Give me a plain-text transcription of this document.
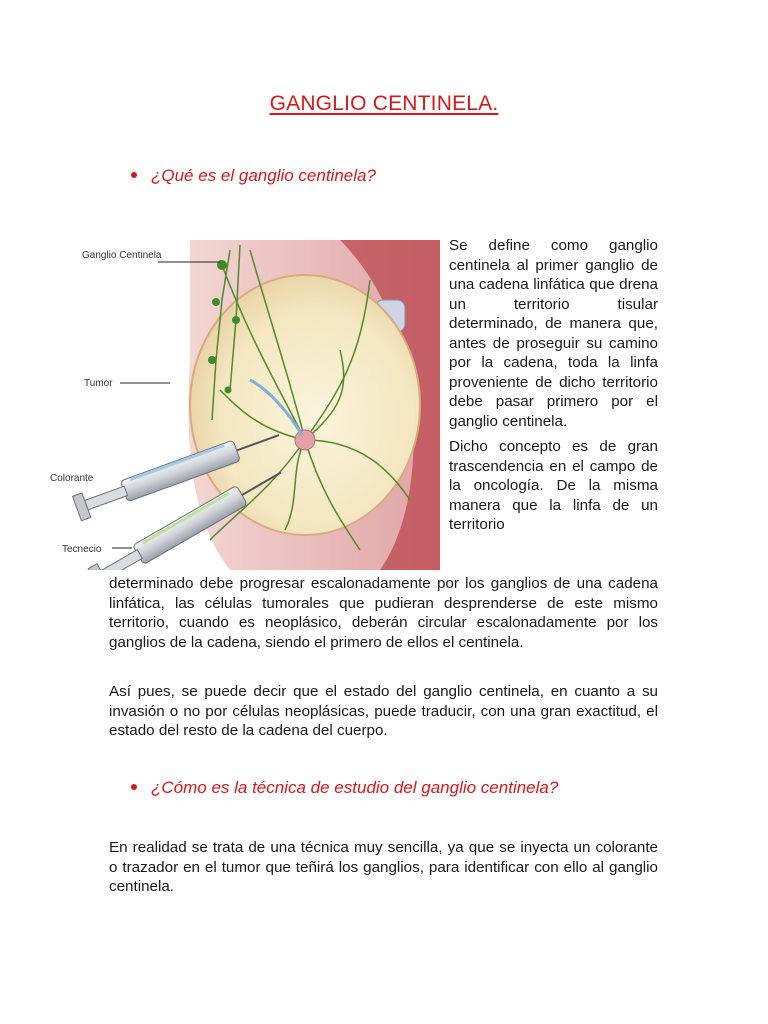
GANGLIO CENTINELA.
¿Qué es el ganglio centinela?
Ganglio Centinela
Tumor
Colorante
Tecnecio

Se define como ganglio centinela al primer ganglio de una cadena linfática que drena un territorio tisular determinado, de manera que, antes de proseguir su camino por la cadena, toda la linfa proveniente de dicho territorio debe pasar primero por el ganglio centinela.

Dicho concepto es de gran trascendencia en el campo de la oncología. De la misma manera que la linfa de un territorio

determinado debe progresar escalonadamente por los ganglios de una cadena linfática, las células tumorales que pudieran desprenderse de este mismo territorio, cuando es neoplásico, deberán circular escalonadamente por los ganglios de la cadena, siendo el primero de ellos el centinela.

Así pues, se puede decir que el estado del ganglio centinela, en cuanto a su invasión o no por células neoplásicas, puede traducir, con una gran exactitud, el estado del resto de la cadena del cuerpo.

¿Cómo es la técnica de estudio del ganglio centinela?

En realidad se trata de una técnica muy sencilla, ya que se inyecta un colorante o trazador en el tumor que teñirá los ganglios, para identificar con ello al ganglio centinela.
